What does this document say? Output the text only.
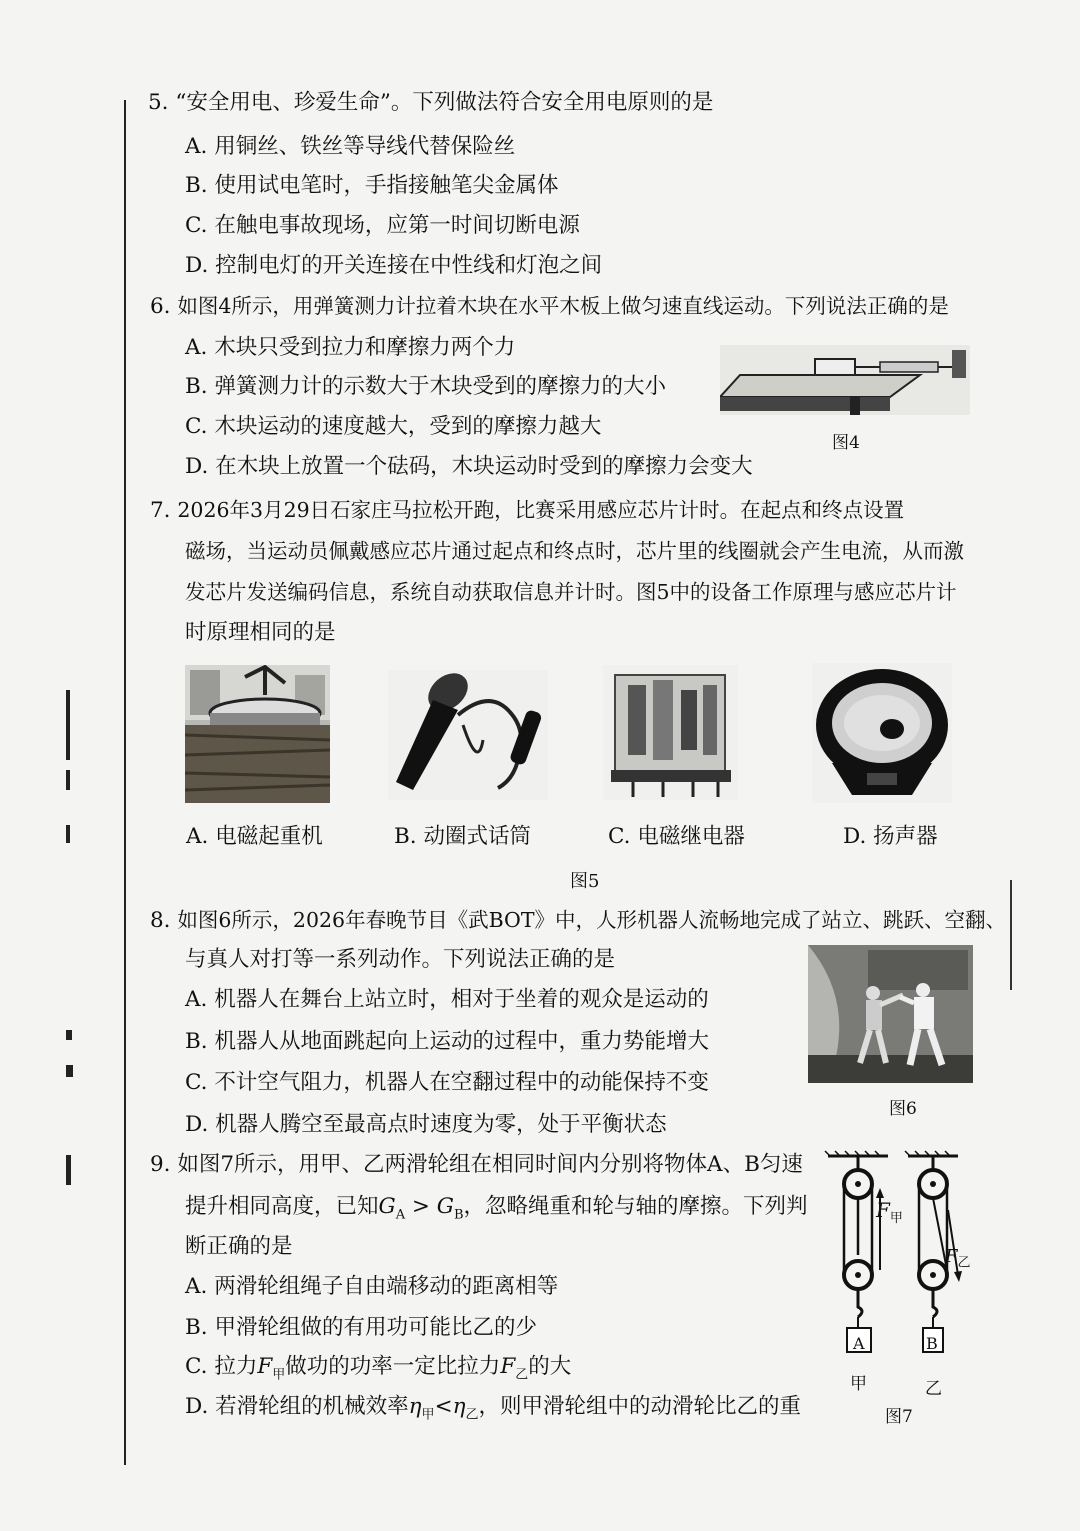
5. “安全用电、珍爱生命”。下列做法符合安全用电原则的是
A. 用铜丝、铁丝等导线代替保险丝
B. 使用试电笔时，手指接触笔尖金属体
C. 在触电事故现场，应第一时间切断电源
D. 控制电灯的开关连接在中性线和灯泡之间
6. 如图4所示，用弹簧测力计拉着木块在水平木板上做匀速直线运动。下列说法正确的是
A. 木块只受到拉力和摩擦力两个力
B. 弹簧测力计的示数大于木块受到的摩擦力的大小
C. 木块运动的速度越大，受到的摩擦力越大
D. 在木块上放置一个砝码，木块运动时受到的摩擦力会变大
图4
7. 2026年3月29日石家庄马拉松开跑，比赛采用感应芯片计时。在起点和终点设置
磁场，当运动员佩戴感应芯片通过起点和终点时，芯片里的线圈就会产生电流，从而激
发芯片发送编码信息，系统自动获取信息并计时。图5中的设备工作原理与感应芯片计
时原理相同的是
A. 电磁起重机	B. 动圈式话筒	C. 电磁继电器	D. 扬声器
图5
8. 如图6所示，2026年春晚节目《武BOT》中，人形机器人流畅地完成了站立、跳跃、空翻、
与真人对打等一系列动作。下列说法正确的是
A. 机器人在舞台上站立时，相对于坐着的观众是运动的
B. 机器人从地面跳起向上运动的过程中，重力势能增大
C. 不计空气阻力，机器人在空翻过程中的动能保持不变
D. 机器人腾空至最高点时速度为零，处于平衡状态
图6
9. 如图7所示，用甲、乙两滑轮组在相同时间内分别将物体A、B匀速
提升相同高度，已知$G_A > G_B$，忽略绳重和轮与轴的摩擦。下列判
断正确的是
A. 两滑轮组绳子自由端移动的距离相等
B. 甲滑轮组做的有用功可能比乙的少
C. 拉力$F_甲$做功的功率一定比拉力$F_乙$的大
D. 若滑轮组的机械效率$\eta_甲<\eta_乙$，则甲滑轮组中的动滑轮比乙的重
A	B
$F_甲$
$F_乙$
甲	乙
图7
